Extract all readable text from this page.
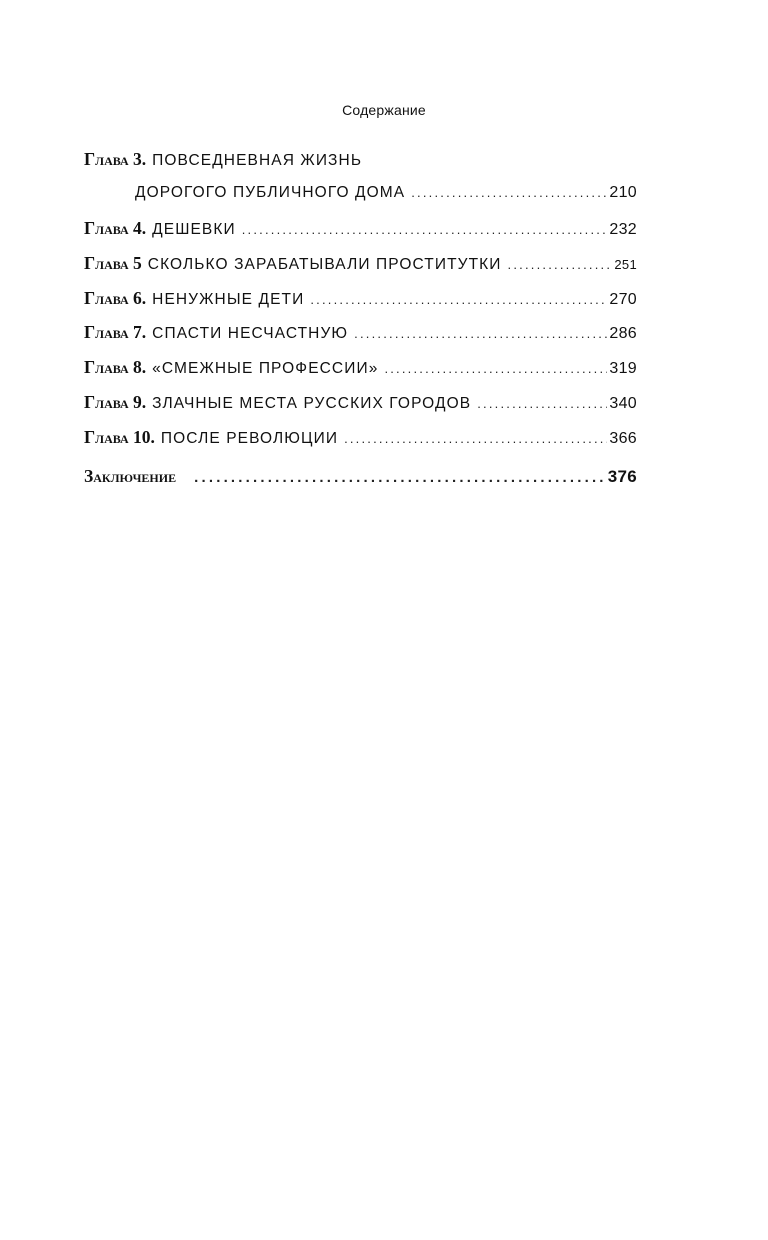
Содержание
Глава 3. ПОВСЕДНЕВНАЯ ЖИЗНЬ
ДОРОГОГО ПУБЛИЧНОГО ДОМА .....	210
Глава 4. ДЕШЕВКИ .....	232
Глава 5 СКОЛЬКО ЗАРАБАТЫВАЛИ ПРОСТИТУТКИ .....	251
Глава 6. НЕНУЖНЫЕ ДЕТИ .....	270
Глава 7. СПАСТИ НЕСЧАСТНУЮ .....	286
Глава 8. «СМЕЖНЫЕ ПРОФЕССИИ» .....	319
Глава 9. ЗЛАЧНЫЕ МЕСТА РУССКИХ ГОРОДОВ .....	340
Глава 10. ПОСЛЕ РЕВОЛЮЦИИ .....	366
Заключение .....	376
